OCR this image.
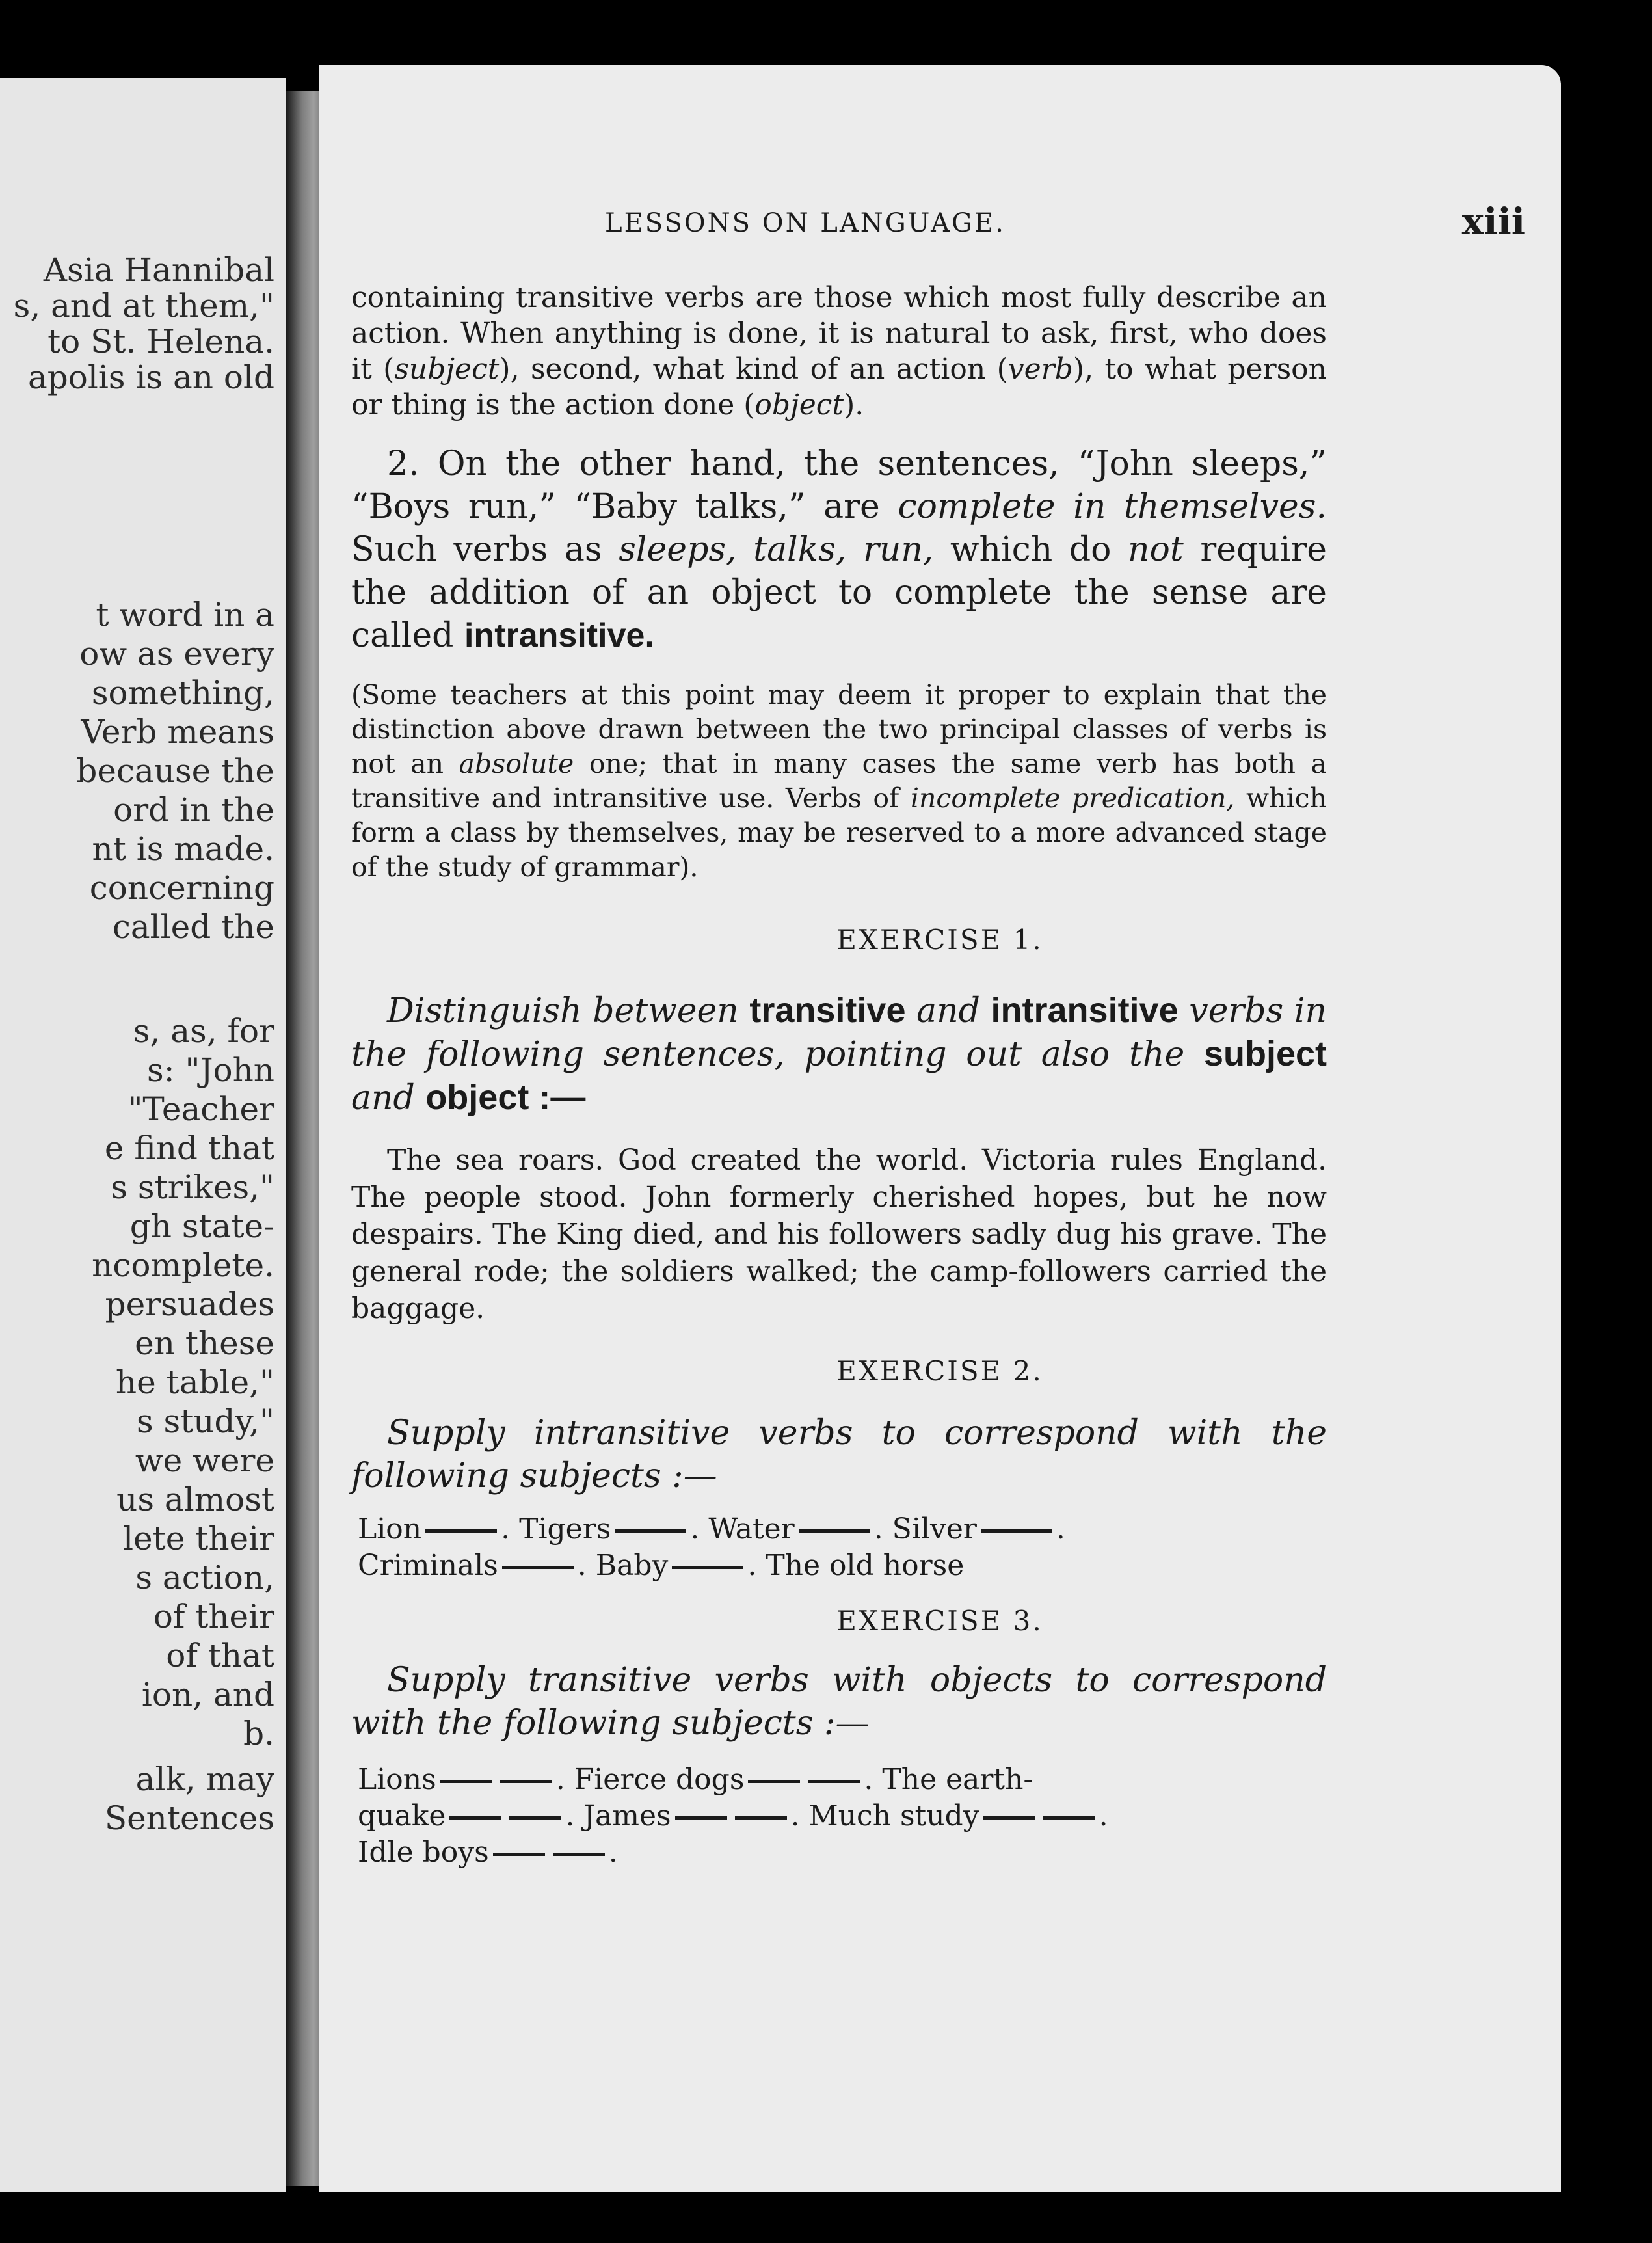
Asia Hannibal
s, and at them,"
to St. Helena.
apolis is an old
t word in a
ow as every
something,
Verb means
because the
ord in the
nt is made.
concerning
called the
s, as, for
s: "John
"Teacher
e find that
s strikes,"
gh state-
ncomplete.
persuades
en these
he table,"
s study,"
we were
us almost
lete their
s action,
of their
of that
ion, and
b.
alk, may
Sentences
LESSONS ON LANGUAGE.	xiii
containing transitive verbs are those which most fully describe an action. When anything is done, it is natural to ask, first, who does it (subject), second, what kind of an action (verb), to what person or thing is the action done (object).
2. On the other hand, the sentences, “John sleeps,” “Boys run,” “Baby talks,” are complete in themselves. Such verbs as sleeps, talks, run, which do not require the addition of an object to complete the sense are called intransitive.
(Some teachers at this point may deem it proper to explain that the distinction above drawn between the two principal classes of verbs is not an absolute one; that in many cases the same verb has both a transitive and intransitive use. Verbs of incomplete predication, which form a class by themselves, may be reserved to a more advanced stage of the study of grammar).
EXERCISE 1.
Distinguish between transitive and intransitive verbs in the following sentences, pointing out also the subject and object :—
The sea roars. God created the world. Victoria rules England. The people stood. John formerly cherished hopes, but he now despairs. The King died, and his followers sadly dug his grave. The general rode; the soldiers walked; the camp-followers carried the baggage.
EXERCISE 2.
Supply intransitive verbs to correspond with the following subjects :—
Lion	. Tigers	. Water	. Silver	.
Criminals	. Baby	. The old horse
EXERCISE 3.
Supply transitive verbs with objects to correspond with the following subjects :—
Lions	. Fierce dogs	. The earth-
quake	. James	. Much study	.
Idle boys	.
